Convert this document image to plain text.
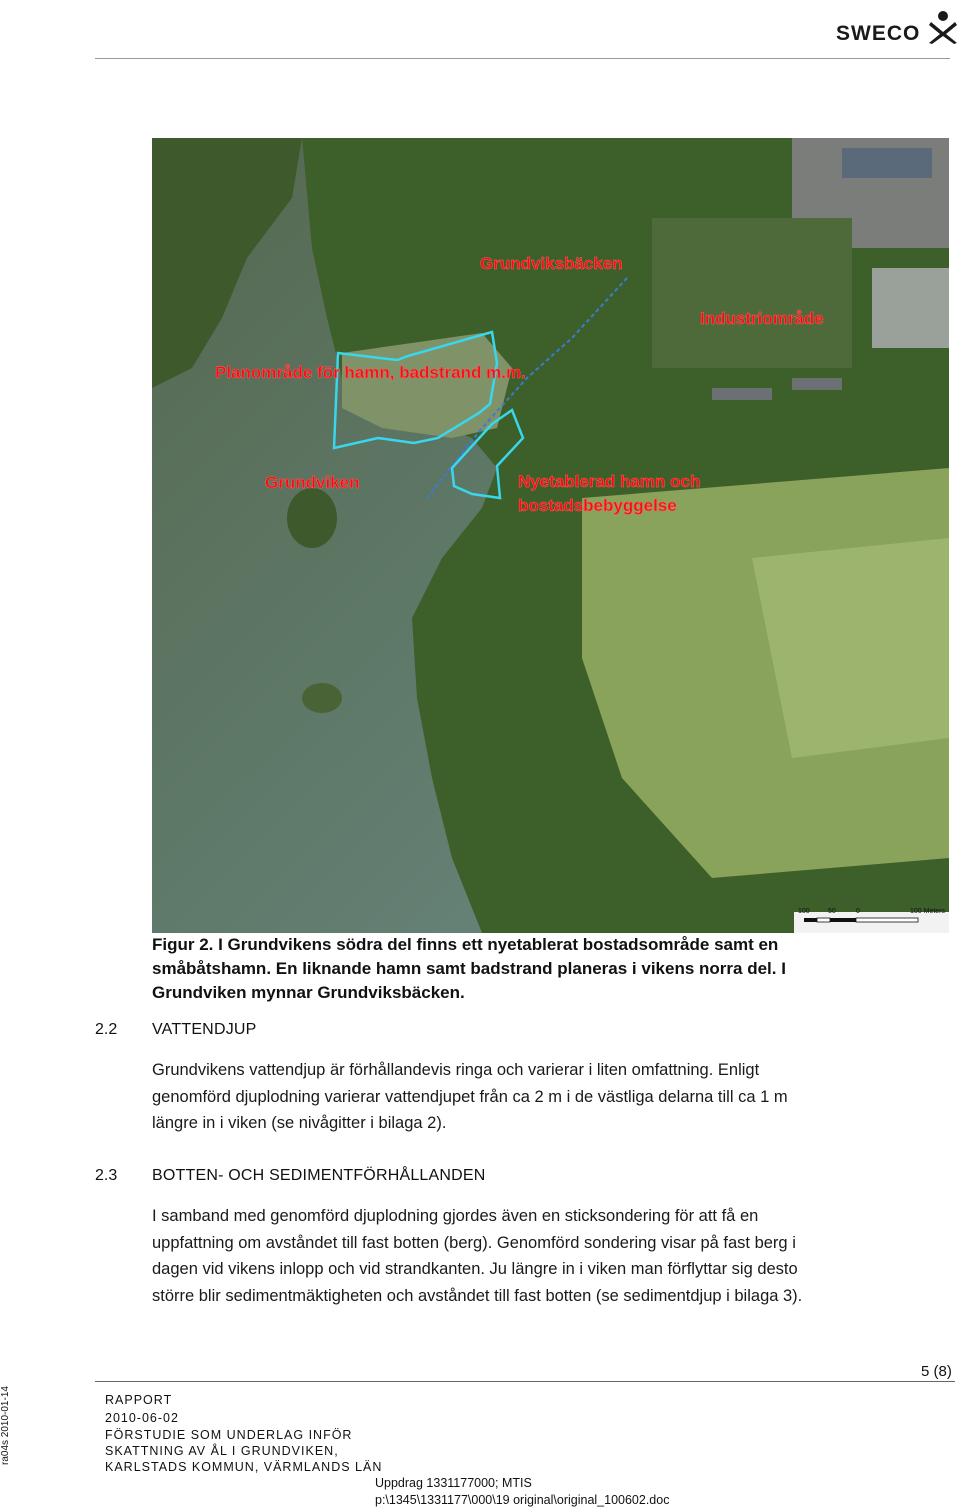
SWECO
Grundviksbäcken
Industriområde
Planområde för hamn, badstrand m.m.
Grundviken	Nyetablerad hamn och
bostadsbebyggelse
100	50	0	100 Meters
Figur 2. I Grundvikens södra del finns ett nyetablerat bostadsområde samt en
småbåtshamn. En liknande hamn samt badstrand planeras i vikens norra del. I
Grundviken mynnar Grundviksbäcken.
2.2 VATTENDJUP
Grundvikens vattendjup är förhållandevis ringa och varierar i liten omfattning. Enligt
genomförd djuplodning varierar vattendjupet från ca 2 m i de västliga delarna till ca 1 m
längre in i viken (se nivågitter i bilaga 2).
2.3 BOTTEN- OCH SEDIMENTFÖRHÅLLANDEN
I samband med genomförd djuplodning gjordes även en sticksondering för att få en
uppfattning om avståndet till fast botten (berg). Genomförd sondering visar på fast berg i
dagen vid vikens inlopp och vid strandkanten. Ju längre in i viken man förflyttar sig desto
större blir sedimentmäktigheten och avståndet till fast botten (se sedimentdjup i bilaga 3).
5 (8)
ra04s 2010-01-14	RAPPORT
2010-06-02
FÖRSTUDIE SOM UNDERLAG INFÖR
SKATTNING AV ÅL I GRUNDVIKEN,
KARLSTADS KOMMUN, VÄRMLANDS LÄN
Uppdrag 1331177000; MTIS
p:\1345\1331177\000\19 original\original_100602.doc
